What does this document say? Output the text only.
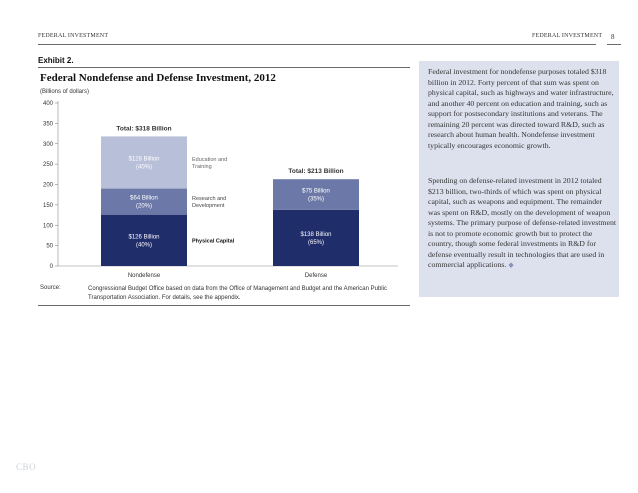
FEDERAL INVESTMENT	FEDERAL INVESTMENT 8
Exhibit 2.
Federal Nondefense and Defense Investment, 2012
(Billions of dollars)
0
50
100
150
200
250
300
350
400
$126 Billion (40%)
$64 Billion (20%)
$128 Billion (40%)
Total: $318 Billion
Nondefense
$138 Billion (65%)
$75 Billion (35%)
Total: $213 Billion
Defense
Physical Capital
Research and Development
Education and Training
Source:	Congressional Budget Office based on data from the Office of Management and Budget and the American Public Transportation Association. For details, see the appendix.
Federal investment for nondefense purposes totaled $318 billion in 2012. Forty percent of that sum was spent on physical capital, such as highways and water infrastructure, and another 40 percent on education and training, such as support for postsecondary institutions and veterans. The remaining 20 percent was directed toward R&D, such as research about human health. Nondefense investment typically encourages economic growth.
Spending on defense-related investment in 2012 totaled $213 billion, two-thirds of which was spent on physical capital, such as weapons and equipment. The remainder was spent on R&D, mostly on the development of weapon systems. The primary purpose of defense-related investment is not to promote economic growth but to protect the country, though some federal investments in R&D for defense eventually result in technologies that are used in commercial applications. ◆
CBO
